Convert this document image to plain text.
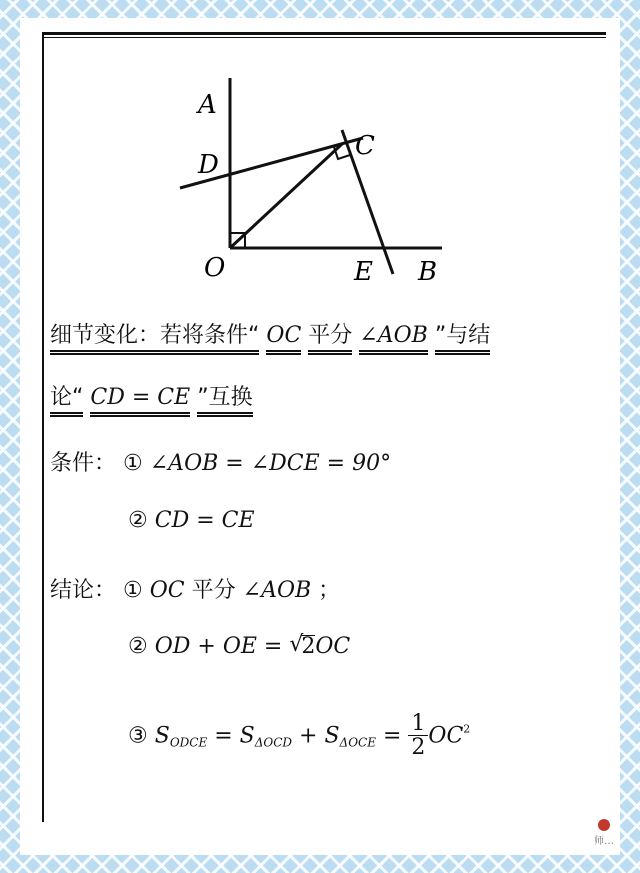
A
D
C
O	E B
细节变化：若将条件“ OC 平分 ∠AOB ”与结
论“ CD = CE ”互换
条件： ① ∠AOB = ∠DCE = 90°
② CD = CE
结论： ① OC 平分 ∠AOB ；
② OD + OE = √ 2OC
③ $S_{ODCE} = S_{\Delta OCD} + S_{\Delta OCE} = \frac{1}{2} OC^2$
师…
